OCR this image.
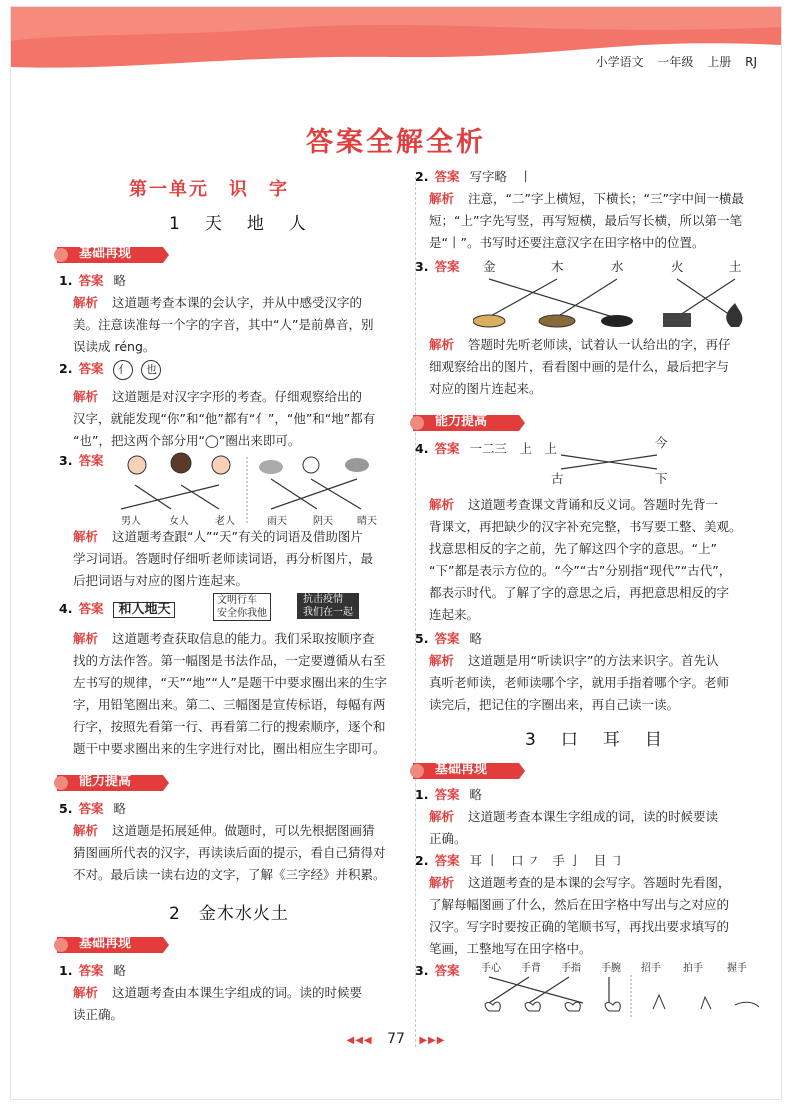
小学语文 一年级 上册 RJ
答案全解全析
第一单元　识　字
1　天　地　人
基础再现
1. 答案 略
解析 这道题考查本课的会认字，并从中感受汉字的
美。注意读准每一个字的字音，其中“人”是前鼻音，别
误读成 réng。
2. 答案 亻 也
解析 这道题是对汉字字形的考查。仔细观察给出的
汉字，就能发现“你”和“他”都有“亻”，“他”和“地”都有
“也”，把这两个部分用“◯”圈出来即可。
3. 答案
男人	女人	老人	雨天	阴天 晴天
解析 这道题考查跟“人”“天”有关的词语及借助图片
学习词语。答题时仔细听老师读词语，再分析图片，最
后把词语与对应的图片连起来。
4. 答案 和人地天
文明行车
安全你我他
抗击疫情
我们在一起
解析 这道题考查获取信息的能力。我们采取按顺序查
找的方法作答。第一幅图是书法作品，一定要遵循从右至
左书写的规律，“天”“地”“人”是题干中要求圈出来的生字
字，用铅笔圈出来。第二、三幅图是宣传标语，每幅有两
行字，按照先看第一行、再看第二行的搜索顺序，逐个和
题干中要求圈出来的生字进行对比，圈出相应生字即可。
能力提高
5. 答案 略
解析 这道题是拓展延伸。做题时，可以先根据图画猜
猜图画所代表的汉字，再读读后面的提示，看自己猜得对
不对。最后读一读右边的文字，了解《三字经》并积累。
2　金木水火土
基础再现
1. 答案 略
解析 这道题考查由本课生字组成的词。读的时候要
读正确。
2. 答案 写字略　丨
解析 注意，“二”字上横短，下横长；“三”字中间一横最
短；“上”字先写竖，再写短横，最后写长横，所以第一笔
是“丨”。书写时还要注意汉字在田字格中的位置。
3. 答案	金	木	水	火	土
解析 答题时先听老师读，试着认一认给出的字，再仔
细观察给出的图片，看看图中画的是什么，最后把字与
对应的图片连起来。
能力提高
4. 答案 一二三　上　上	今
古	下
解析 这道题考查课文背诵和反义词。答题时先背一
背课文，再把缺少的汉字补充完整，书写要工整、美观。
找意思相反的字之前，先了解这四个字的意思。“上”
“下”都是表示方位的。“今”“古”分别指“现代”“古代”，
都表示时代。了解了字的意思之后，再把意思相反的字
连起来。
5. 答案 略
解析 这道题是用“听读识字”的方法来识字。首先认
真听老师读，老师读哪个字，就用手指着哪个字。老师
读完后，把记住的字圈出来，再自己读一读。
3　口　耳　目
基础再现
1. 答案 略
解析 这道题考查本课生字组成的词，读的时候要读
正确。
2. 答案 耳 丨　口 ㇇　手 亅　目 ㇆
解析 这道题考查的是本课的会写字。答题时先看图，
了解每幅图画了什么，然后在田字格中写出与之对应的
汉字。写字时要按正确的笔顺书写，再找出要求填写的
笔画，工整地写在田字格中。
3. 答案	手心 手背 手指 手腕 招手 拍手 握手
◀◀◀ 77 ▶▶▶
